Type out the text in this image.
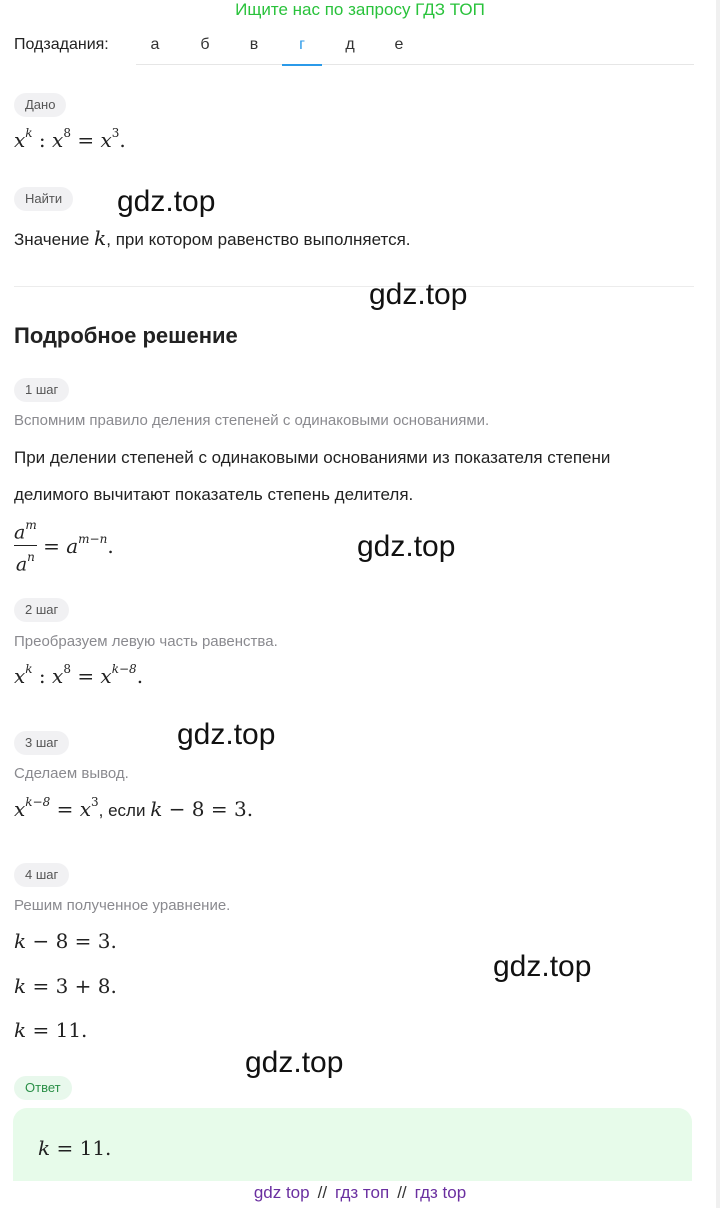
Ищите нас по запросу ГДЗ ТОП
Подзадания:	а	б	в	г	д	е
Дано
$x^k$ : $x^8 = x^3$.
Найти	gdz.top
Значение k, при котором равенство выполняется.
gdz.top
Подробное решение
1 шаг
Вспомним правило деления степеней с одинаковыми основаниями.
При делении степеней с одинаковыми основаниями из показателя степени
делимого вычитают показатель степень делителя.
$\frac{a^m}{a^n} = a^{m-n}$.	gdz.top
2 шаг
Преобразуем левую часть равенства.
$x^k$ : $x^8 = x^{k-8}$.
3 шаг	gdz.top
Сделаем вывод.
$x^{k-8} = x^3$, если k − 8 = 3.
4 шаг
Решим полученное уравнение.
k − 8 = 3.
k = 3 + 8.
k = 11.
gdz.top
gdz.top
Ответ
k = 11.
gdz top // гдз топ // гдз top
